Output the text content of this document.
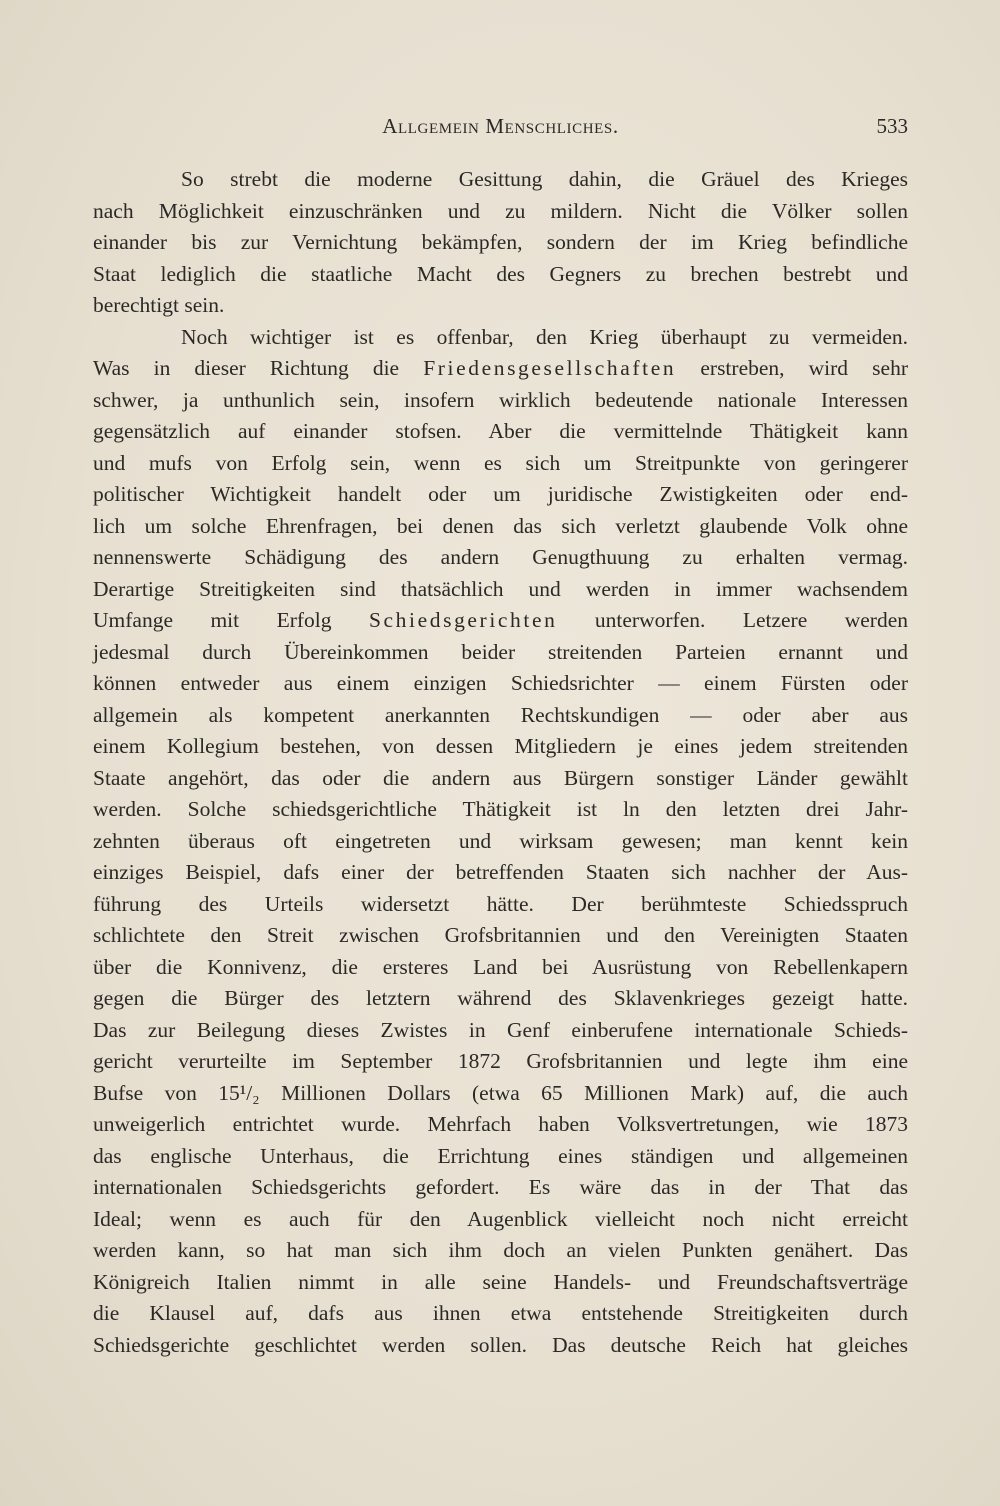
Allgemein Menschliches.	533
So strebt die moderne Gesittung dahin, die Gräuel des Krieges
nach Möglichkeit einzuschränken und zu mildern. Nicht die Völker sollen
einander bis zur Vernichtung bekämpfen, sondern der im Krieg befindliche
Staat lediglich die staatliche Macht des Gegners zu brechen bestrebt und
berechtigt sein.
Noch wichtiger ist es offenbar, den Krieg überhaupt zu vermeiden.
Was in dieser Richtung die Friedensgesellschaften erstreben, wird sehr
schwer, ja unthunlich sein, insofern wirklich bedeutende nationale Interessen
gegensätzlich auf einander stofsen. Aber die vermittelnde Thätigkeit kann
und mufs von Erfolg sein, wenn es sich um Streitpunkte von geringerer
politischer Wichtigkeit handelt oder um juridische Zwistigkeiten oder end-
lich um solche Ehrenfragen, bei denen das sich verletzt glaubende Volk ohne
nennenswerte Schädigung des andern Genugthuung zu erhalten vermag.
Derartige Streitigkeiten sind thatsächlich und werden in immer wachsendem
Umfange mit Erfolg Schiedsgerichten unterworfen. Letzere werden
jedesmal durch Übereinkommen beider streitenden Parteien ernannt und
können entweder aus einem einzigen Schiedsrichter — einem Fürsten oder
allgemein als kompetent anerkannten Rechtskundigen — oder aber aus
einem Kollegium bestehen, von dessen Mitgliedern je eines jedem streitenden
Staate angehört, das oder die andern aus Bürgern sonstiger Länder gewählt
werden. Solche schiedsgerichtliche Thätigkeit ist ln den letzten drei Jahr-
zehnten überaus oft eingetreten und wirksam gewesen; man kennt kein
einziges Beispiel, dafs einer der betreffenden Staaten sich nachher der Aus-
führung des Urteils widersetzt hätte. Der berühmteste Schiedsspruch
schlichtete den Streit zwischen Grofsbritannien und den Vereinigten Staaten
über die Konnivenz, die ersteres Land bei Ausrüstung von Rebellenkapern
gegen die Bürger des letztern während des Sklavenkrieges gezeigt hatte.
Das zur Beilegung dieses Zwistes in Genf einberufene internationale Schieds-
gericht verurteilte im September 1872 Grofsbritannien und legte ihm eine
Bufse von 15¹/₂ Millionen Dollars (etwa 65 Millionen Mark) auf, die auch
unweigerlich entrichtet wurde. Mehrfach haben Volksvertretungen, wie 1873
das englische Unterhaus, die Errichtung eines ständigen und allgemeinen
internationalen Schiedsgerichts gefordert. Es wäre das in der That das
Ideal; wenn es auch für den Augenblick vielleicht noch nicht erreicht
werden kann, so hat man sich ihm doch an vielen Punkten genähert. Das
Königreich Italien nimmt in alle seine Handels- und Freundschaftsverträge
die Klausel auf, dafs aus ihnen etwa entstehende Streitigkeiten durch
Schiedsgerichte geschlichtet werden sollen. Das deutsche Reich hat gleiches
